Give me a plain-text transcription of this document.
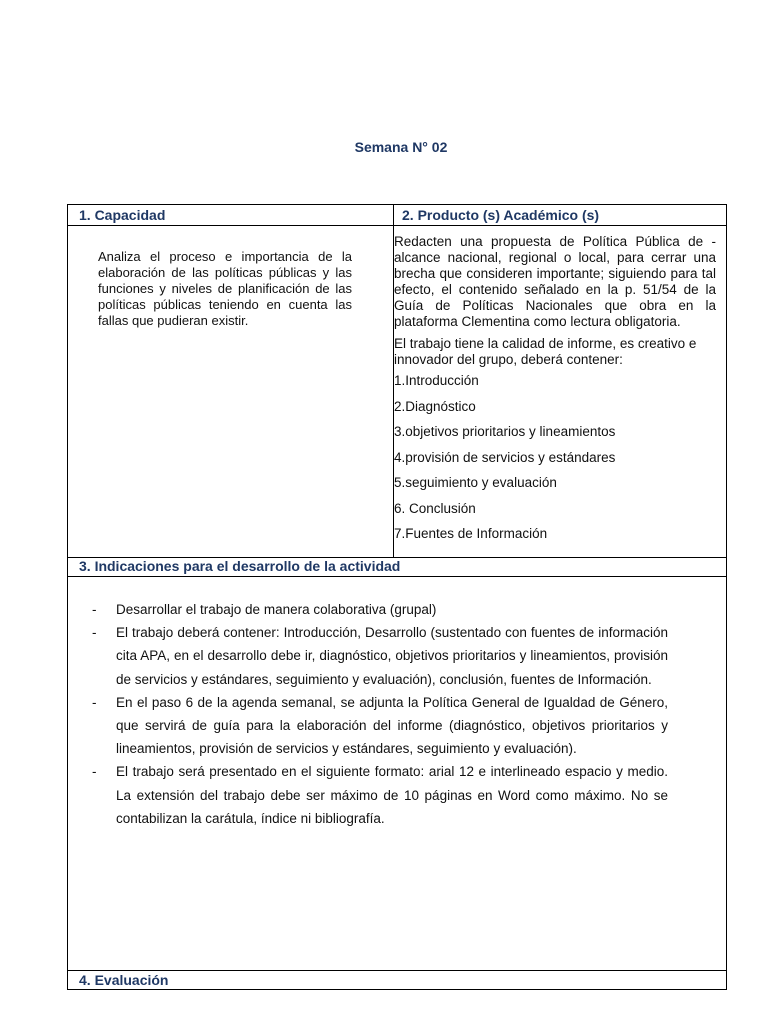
Semana N° 02
1. Capacidad	2. Producto (s) Académico (s)
Analiza el proceso e importancia de la elaboración de las políticas públicas y las funciones y niveles de planificación de las políticas públicas teniendo en cuenta las fallas que pudieran existir.

Redacten una propuesta de Política Pública de -alcance nacional, regional o local, para cerrar una brecha que consideren importante; siguiendo para tal efecto, el contenido señalado en la p. 51/54 de la Guía de Políticas Nacionales que obra en la plataforma Clementina como lectura obligatoria.

El trabajo tiene la calidad de informe, es creativo e innovador del grupo, deberá contener:

1.Introducción
2.Diagnóstico
3.objetivos prioritarios y lineamientos
4.provisión de servicios y estándares
5.seguimiento y evaluación
6. Conclusión
7.Fuentes de Información
3. Indicaciones para el desarrollo de la actividad
- Desarrollar el trabajo de manera colaborativa (grupal)
- El trabajo deberá contener: Introducción, Desarrollo (sustentado con fuentes de información cita APA, en el desarrollo debe ir, diagnóstico, objetivos prioritarios y lineamientos, provisión de servicios y estándares, seguimiento y evaluación), conclusión, fuentes de Información.
- En el paso 6 de la agenda semanal, se adjunta la Política General de Igualdad de Género, que servirá de guía para la elaboración del informe (diagnóstico, objetivos prioritarios y lineamientos, provisión de servicios y estándares, seguimiento y evaluación).
- El trabajo será presentado en el siguiente formato: arial 12 e interlineado espacio y medio. La extensión del trabajo debe ser máximo de 10 páginas en Word como máximo. No se contabilizan la carátula, índice ni bibliografía.
4. Evaluación
